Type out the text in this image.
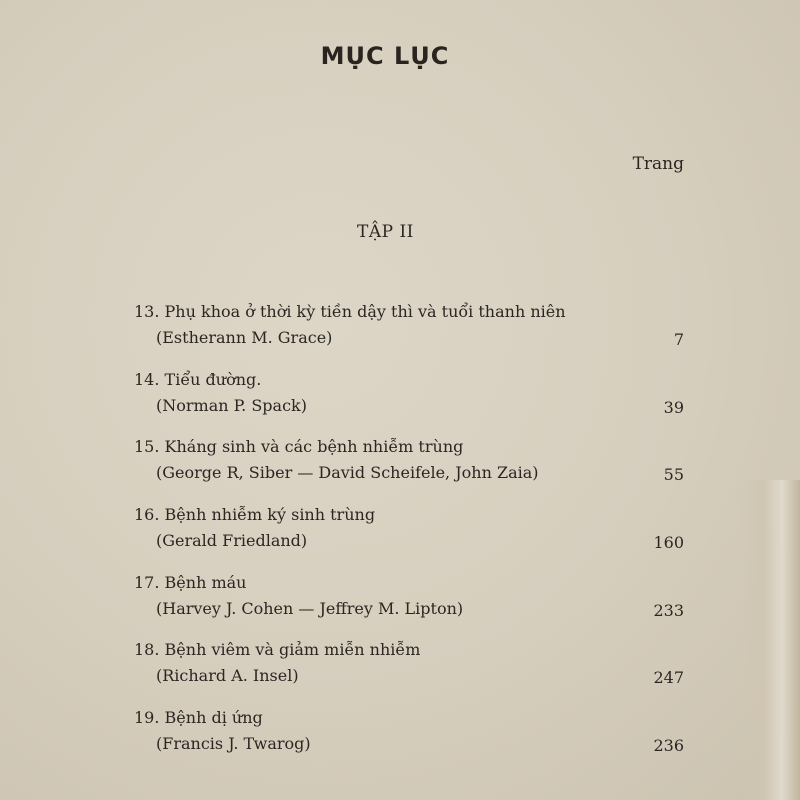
MỤC LỤC
Trang
TẬP II
13. Phụ khoa ở thời kỳ tiền dậy thì và tuổi thanh niên
(Estherann M. Grace)	7
14. Tiểu đường.
(Norman P. Spack)	39
15. Kháng sinh và các bệnh nhiễm trùng
(George R, Siber — David Scheifele, John Zaia)	55
16. Bệnh nhiễm ký sinh trùng
(Gerald Friedland)	160
17. Bệnh máu
(Harvey J. Cohen — Jeffrey M. Lipton)	233
18. Bệnh viêm và giảm miễn nhiễm
(Richard A. Insel)	247
19. Bệnh dị ứng
(Francis J. Twarog)	236
